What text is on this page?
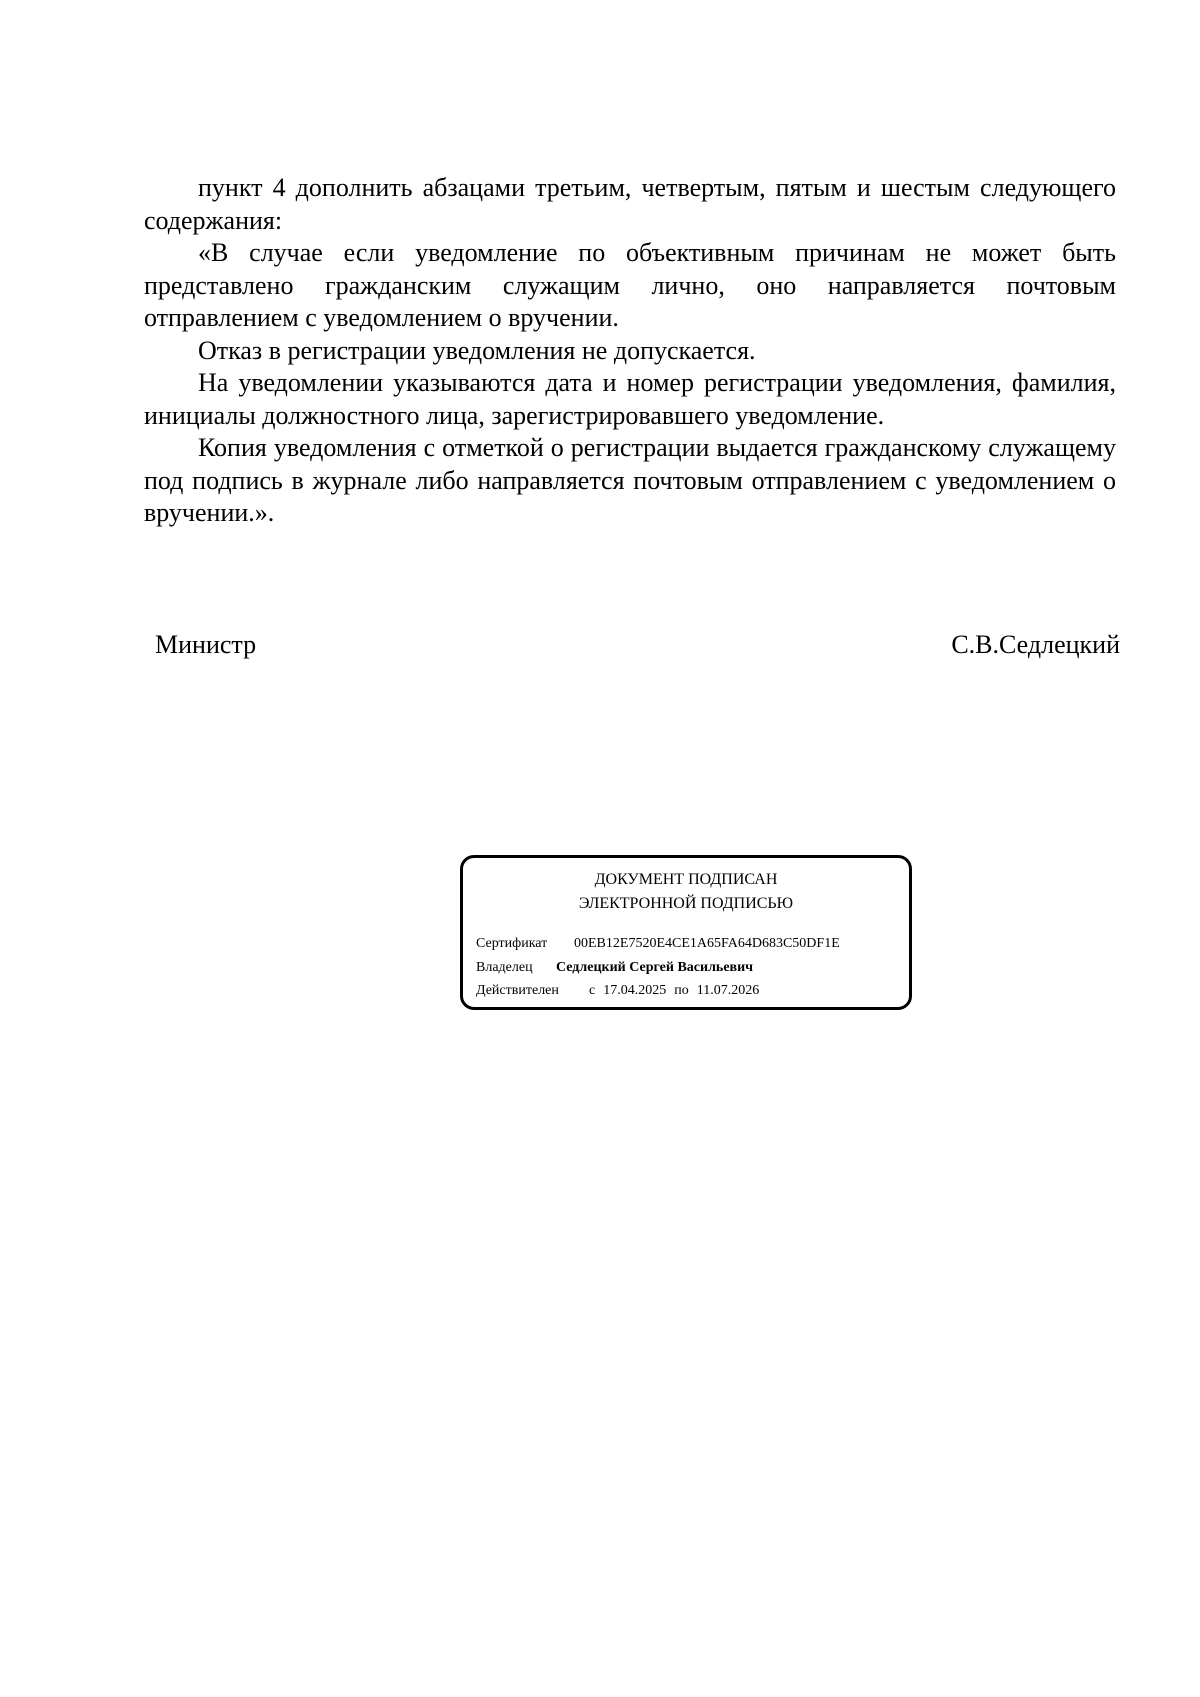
пункт 4 дополнить абзацами третьим, четвертым, пятым и шестым следующего содержания:

«В случае если уведомление по объективным причинам не может быть представлено гражданским служащим лично, оно направляется почтовым отправлением с уведомлением о вручении.

Отказ в регистрации уведомления не допускается.

На уведомлении указываются дата и номер регистрации уведомления, фамилия, инициалы должностного лица, зарегистрировавшего уведомление.

Копия уведомления с отметкой о регистрации выдается гражданскому служащему под подпись в журнале либо направляется почтовым отправлением с уведомлением о вручении.».

Министр	С.В.Седлецкий
ДОКУМЕНТ ПОДПИСАН
ЭЛЕКТРОННОЙ ПОДПИСЬЮ
Сертификат 00EB12E7520E4CE1A65FA64D683C50DF1E
Владелец Седлецкий Сергей Васильевич
Действителен с 17.04.2025 по 11.07.2026
